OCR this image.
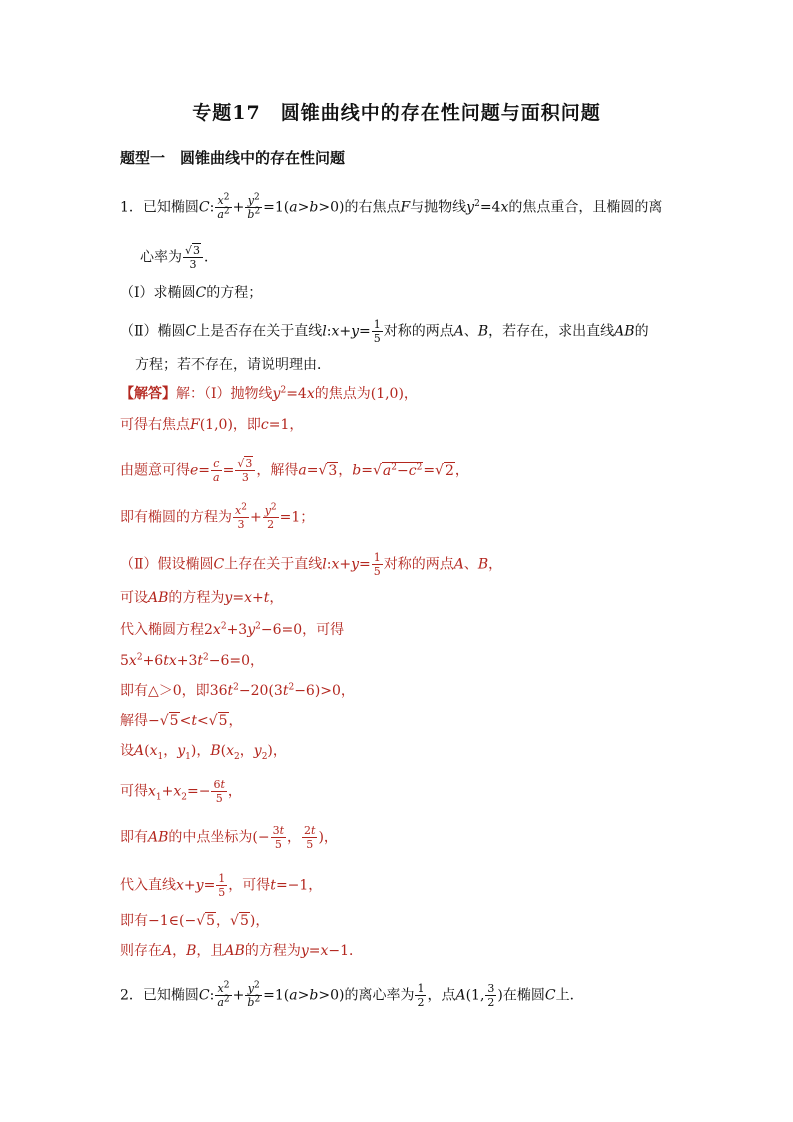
专题17　圆锥曲线中的存在性问题与面积问题
题型一　圆锥曲线中的存在性问题
1．已知椭圆C: $\frac{x^2}{a^2} + \frac{y^2}{b^2} =1(a>b>0)$的右焦点F与抛物线$y^2=4x$的焦点重合，且椭圆的离
心率为 $\frac{√3}{3}$ ．
（Ⅰ）求椭圆C的方程；
（Ⅱ）椭圆C上是否存在关于直线l:x+y= $\frac{1}{5}$ 对称的两点A、B，若存在，求出直线AB的
方程；若不存在，请说明理由．
【解答】解：（Ⅰ）抛物线$y^2=4x$的焦点为(1,0)，
可得右焦点F(1,0)，即c=1，
由题意可得$e= \frac{c}{a} = \frac{√3}{3}$ ，解得a=√3，$b=√a^2-c^2=√2$，
即有椭圆的方程为 $\frac{x^2}{3} + \frac{y^2}{2} =1$；
（Ⅱ）假设椭圆C上存在关于直线l:x+y= $\frac{1}{5}$ 对称的两点A、B，
可设AB的方程为y=x+t，
代入椭圆方程$2x^2+3y^2-6=0$，可得
$5x^2+6tx+3t^2-6=0$，
即有△＞0，即$36t^2-20(3t^2-6)>0$，
解得−√5<t<√5，
设$A(x_1$，$y_1$)，$B(x_2$，$y_2$)，
可得$x_1+x_2=- \frac{6t}{5}$ ，
即有AB的中点坐标为(− $\frac{3t}{5}$ ， $\frac{2t}{5}$ )，
代入直线$x+y= \frac{1}{5}$ ，可得t=−1，
即有−1∈(−√5，√5)，
则存在A，B，且AB的方程为y=x−1．
2．已知椭圆C: $\frac{x^2}{a^2} + \frac{y^2}{b^2} =1(a>b>0)$的离心率为 $\frac{1}{2}$ ，点A(1, $\frac{3}{2}$ )在椭圆C上．
